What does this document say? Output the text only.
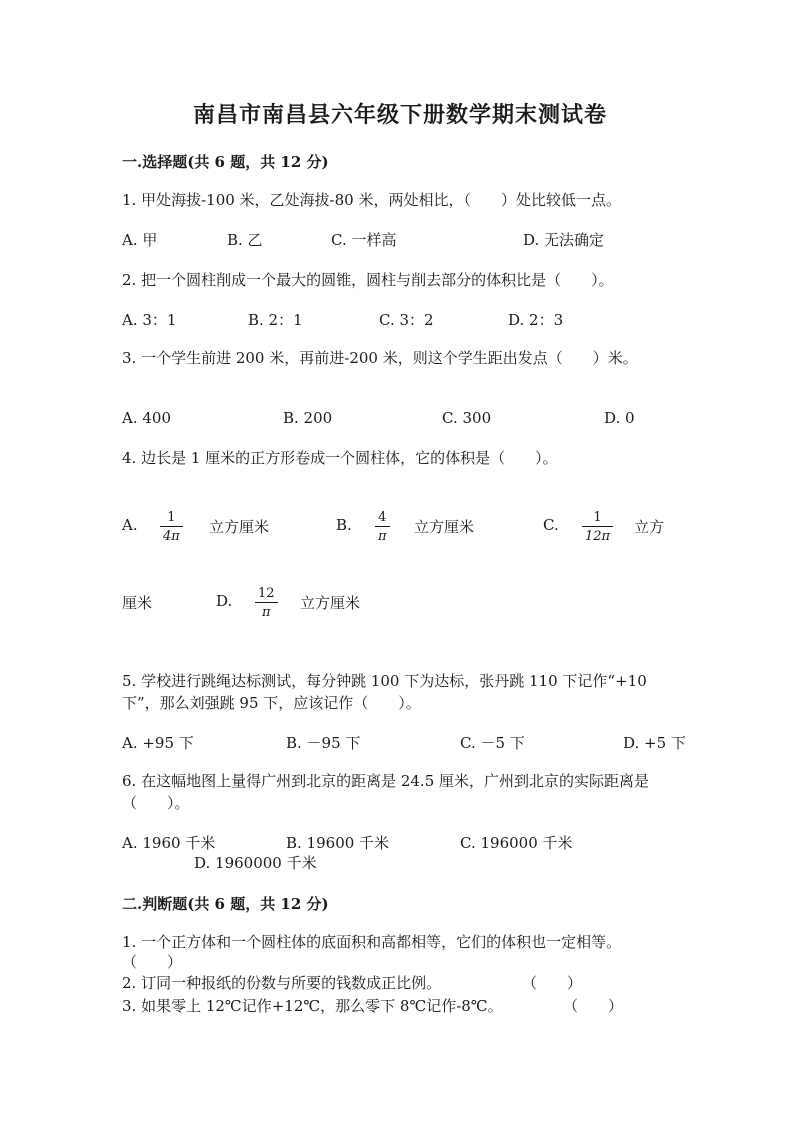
南昌市南昌县六年级下册数学期末测试卷
一.选择题(共 6 题，共 12 分)
1. 甲处海拔-100 米，乙处海拔-80 米，两处相比，（　　）处比较低一点。
A. 甲	B. 乙	C. 一样高	D. 无法确定
2. 把一个圆柱削成一个最大的圆锥，圆柱与削去部分的体积比是（　　）。
A. 3：1	B. 2：1	C. 3：2	D. 2：3
3. 一个学生前进 200 米，再前进-200 米，则这个学生距出发点（　　）米。
A. 400	B. 200	C. 300	D. 0
4. 边长是 1 厘米的正方形卷成一个圆柱体，它的体积是（　　）。
A. 1
4π
立方厘米	B. 4
π
立方厘米	C.	1
12π
立方
厘米	D. 12
π
立方厘米
5. 学校进行跳绳达标测试，每分钟跳 100 下为达标，张丹跳 110 下记作“+10
下”，那么刘强跳 95 下，应该记作（　　）。
A. +95 下	B. －95 下	C. －5 下	D. +5 下
6. 在这幅地图上量得广州到北京的距离是 24.5 厘米，广州到北京的实际距离是
（　　）。
A. 1960 千米	B. 19600 千米	C. 196000 千米
D. 1960000 千米
二.判断题(共 6 题，共 12 分)
1. 一个正方体和一个圆柱体的底面积和高都相等，它们的体积也一定相等。
（　　）
2. 订同一种报纸的份数与所要的钱数成正比例。	（　　）
3. 如果零上 12℃记作+12℃，那么零下 8℃记作-8℃。	（　　）
